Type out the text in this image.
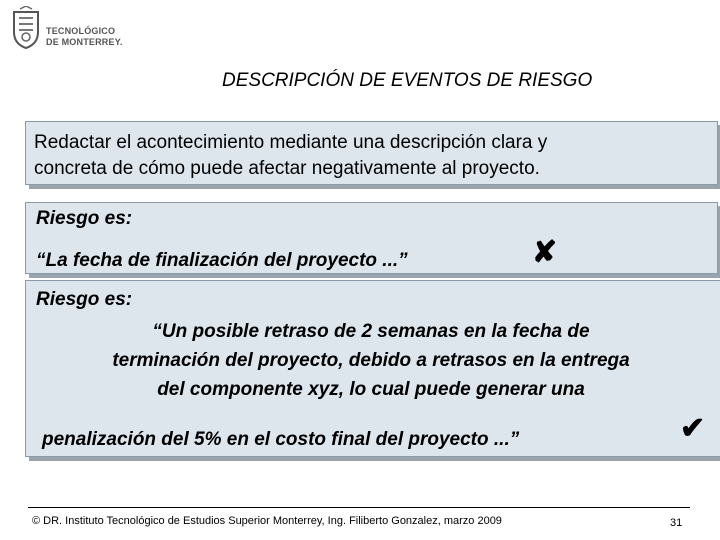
TECNOLÓGICO
DE MONTERREY.
DESCRIPCIÓN DE EVENTOS DE RIESGO
Redactar el acontecimiento mediante una descripción clara y
concreta de cómo puede afectar negativamente al proyecto.
Riesgo es:
“La fecha de finalización del proyecto ...”	✘
Riesgo es:
“Un posible retraso de 2 semanas en la fecha de
terminación del proyecto, debido a retrasos en la entrega
del componente xyz, lo cual puede generar una
penalización del 5% en el costo final del proyecto ...”	✔
© DR. Instituto Tecnológico de Estudios Superior Monterrey, Ing. Filiberto Gonzalez, marzo 2009	31
